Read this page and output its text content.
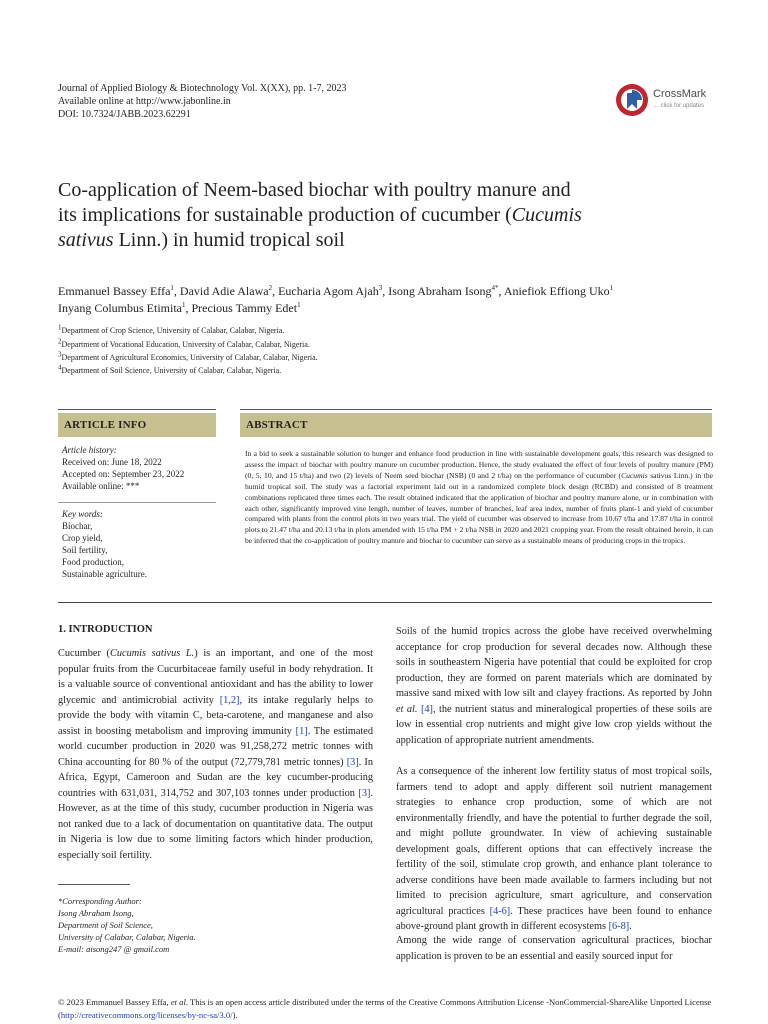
Journal of Applied Biology & Biotechnology Vol. X(XX), pp. 1-7, 2023
Available online at http://www.jabonline.in
DOI: 10.7324/JABB.2023.62291
CrossMark
← click for updates
Co-application of Neem-based biochar with poultry manure and
its implications for sustainable production of cucumber (Cucumis
sativus Linn.) in humid tropical soil
Emmanuel Bassey Effa$^1$, David Adie Alawa$^2$, Eucharia Agom Ajah$^3$, Isong Abraham Isong$^{4*}$, Aniefiok Effiong Uko$^1$
Inyang Columbus Etimita$^1$, Precious Tammy Edet$^1$
$^1$Department of Crop Science, University of Calabar, Calabar, Nigeria.
$^2$Department of Vocational Education, University of Calabar, Calabar, Nigeria.
$^3$Department of Agricultural Economics, University of Calabar, Calabar, Nigeria.
$^4$Department of Soil Science, University of Calabar, Calabar, Nigeria.
ARTICLE INFO	ABSTRACT
Article history:
Received on: June 18, 2022
Accepted on: September 23, 2022
Available online: ***
Key words:
Biochar,
Crop yield,
Soil fertility,
Food production,
Sustainable agriculture.
In a bid to seek a sustainable solution to hunger and enhance food production in line with sustainable development goals, this research was designed to assess the impact of biochar with poultry manure on cucumber production. Hence, the study evaluated the effect of four levels of poultry manure (PM) (0, 5, 10, and 15 t/ha) and two (2) levels of Neem seed biochar (NSB) (0 and 2 t/ha) on the performance of cucumber (Cucumis sativus Linn.) in the humid tropical soil. The study was a factorial experiment laid out in a randomized complete block design (RCBD) and consisted of 8 treatment combinations replicated three times each. The result obtained indicated that the application of biochar and poultry manure alone, or in combination with each other, significantly improved vine length, number of leaves, number of branches, leaf area index, number of fruits plant-1 and yield of cucumber compared with plants from the control plots in two years trial. The yield of cucumber was observed to increase from 10.67 t/ha and 17.87 t/ha in control plots to 21.47 t/ha and 20.13 t/ha in plots amended with 15 t/ha PM + 2 t/ha NSB in 2020 and 2021 cropping year. From the result obtained herein, it can be inferred that the co-application of poultry manure and biochar to cucumber can serve as a sustainable means of producing crops in the tropics.
1. INTRODUCTION
Cucumber (Cucumis sativus L.) is an important, and one of the most popular fruits from the Cucurbitaceae family useful in body rehydration. It is a valuable source of conventional antioxidant and has the ability to lower glycemic and antimicrobial activity [1,2], its intake regularly helps to provide the body with vitamin C, beta-carotene, and manganese and also assist in boosting metabolism and improving immunity [1]. The estimated world cucumber production in 2020 was 91,258,272 metric tonnes with China accounting for 80 % of the output (72,779,781 metric tonnes) [3]. In Africa, Egypt, Cameroon and Sudan are the key cucumber-producing countries with 631,031, 314,752 and 307,103 tonnes under production [3]. However, as at the time of this study, cucumber production in Nigeria was not ranked due to a lack of documentation on quantitative data. The output in Nigeria is low due to some limiting factors which hinder production, especially soil fertility.
*Corresponding Author:
Isong Abraham Isong,
Department of Soil Science,
University of Calabar, Calabar, Nigeria.
E-mail: aisong247 @ gmail.com
Soils of the humid tropics across the globe have received overwhelming acceptance for crop production for several decades now. Although these soils in southeastern Nigeria have potential that could be exploited for crop production, they are formed on parent materials which are dominated by massive sand mixed with low silt and clayey fractions. As reported by John et al. [4], the nutrient status and mineralogical properties of these soils are low in essential crop nutrients and might give low crop yields without the application of appropriate nutrient amendments.
As a consequence of the inherent low fertility status of most tropical soils, farmers tend to adopt and apply different soil nutrient management strategies to enhance crop production, some of which are not environmentally friendly, and have the potential to further degrade the soil, and might pollute groundwater. In view of achieving sustainable development goals, different options that can effectively increase the fertility of the soil, stimulate crop growth, and enhance plant tolerance to adverse conditions have been made available to farmers including but not limited to precision agriculture, smart agriculture, and conservation agricultural practices [4-6]. These practices have been found to enhance above-ground plant growth in different ecosystems [6-8].
Among the wide range of conservation agricultural practices, biochar application is proven to be an essential and easily sourced input for
© 2023 Emmanuel Bassey Effa, et al. This is an open access article distributed under the terms of the Creative Commons Attribution License -NonCommercial-ShareAlike Unported License (http://creativecommons.org/licenses/by-nc-sa/3.0/).
